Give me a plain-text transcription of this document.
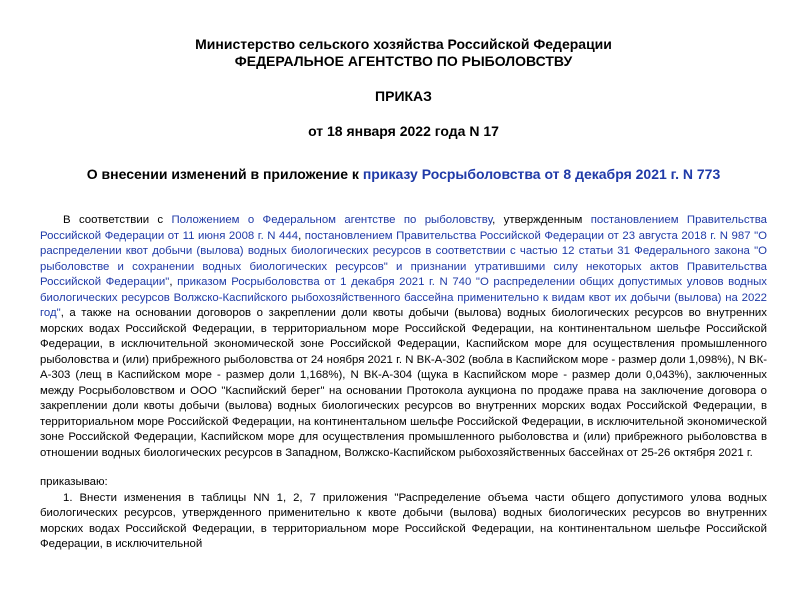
Министерство сельского хозяйства Российской Федерации
ФЕДЕРАЛЬНОЕ АГЕНТСТВО ПО РЫБОЛОВСТВУ
ПРИКАЗ
от 18 января 2022 года N 17
О внесении изменений в приложение к приказу Росрыболовства от 8 декабря 2021 г. N 773

В соответствии с Положением о Федеральном агентстве по рыболовству, утвержденным постановлением Правительства Российской Федерации от 11 июня 2008 г. N 444, постановлением Правительства Российской Федерации от 23 августа 2018 г. N 987 "О распределении квот добычи (вылова) водных биологических ресурсов в соответствии с частью 12 статьи 31 Федерального закона "О рыболовстве и сохранении водных биологических ресурсов" и признании утратившими силу некоторых актов Правительства Российской Федерации", приказом Росрыболовства от 1 декабря 2021 г. N 740 "О распределении общих допустимых уловов водных биологических ресурсов Волжско-Каспийского рыбохозяйственного бассейна применительно к видам квот их добычи (вылова) на 2022 год", а также на основании договоров о закреплении доли квоты добычи (вылова) водных биологических ресурсов во внутренних морских водах Российской Федерации, в территориальном море Российской Федерации, на континентальном шельфе Российской Федерации, в исключительной экономической зоне Российской Федерации, Каспийском море для осуществления промышленного рыболовства и (или) прибрежного рыболовства от 24 ноября 2021 г. N ВК-А-302 (вобла в Каспийском море - размер доли 1,098%), N ВК-А-303 (лещ в Каспийском море - размер доли 1,168%), N ВК-А-304 (щука в Каспийском море - размер доли 0,043%), заключенных между Росрыболовством и ООО "Каспийский берег" на основании Протокола аукциона по продаже права на заключение договора о закреплении доли квоты добычи (вылова) водных биологических ресурсов во внутренних морских водах Российской Федерации, в территориальном море Российской Федерации, на континентальном шельфе Российской Федерации, в исключительной экономической зоне Российской Федерации, Каспийском море для осуществления промышленного рыболовства и (или) прибрежного рыболовства в отношении водных биологических ресурсов в Западном, Волжско-Каспийском рыбохозяйственных бассейнах от 25-26 октября 2021 г.

приказываю:

1. Внести изменения в таблицы NN 1, 2, 7 приложения "Распределение объема части общего допустимого улова водных биологических ресурсов, утвержденного применительно к квоте добычи (вылова) водных биологических ресурсов во внутренних морских водах Российской Федерации, в территориальном море Российской Федерации, на континентальном шельфе Российской Федерации, в исключительной
